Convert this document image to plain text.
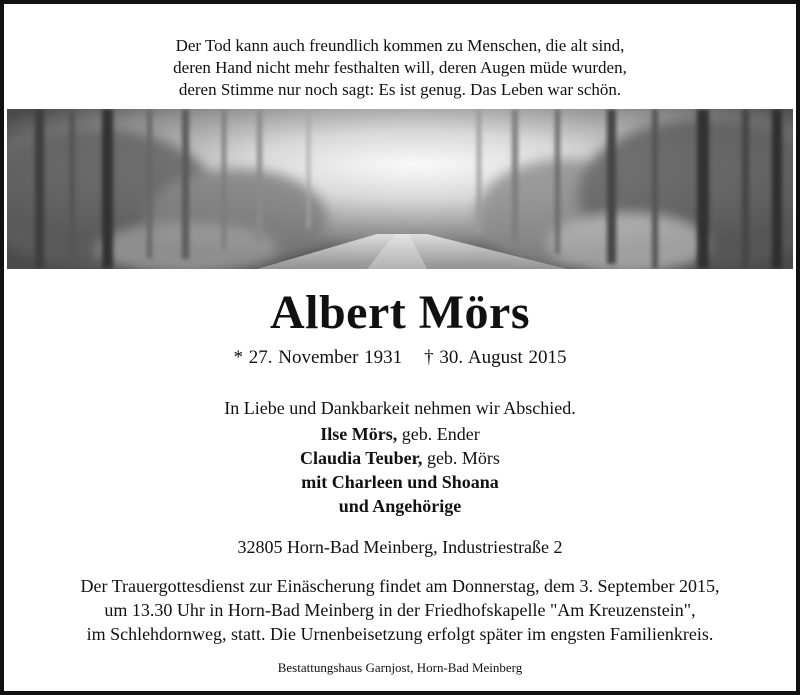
Der Tod kann auch freundlich kommen zu Menschen, die alt sind,
deren Hand nicht mehr festhalten will, deren Augen müde wurden,
deren Stimme nur noch sagt: Es ist genug. Das Leben war schön.
Albert Mörs
* 27. November 1931 † 30. August 2015
In Liebe und Dankbarkeit nehmen wir Abschied.
Ilse Mörs, geb. Ender
Claudia Teuber, geb. Mörs
mit Charleen und Shoana
und Angehörige
32805 Horn-Bad Meinberg, Industriestraße 2
Der Trauergottesdienst zur Einäscherung findet am Donnerstag, dem 3. September 2015,
um 13.30 Uhr in Horn-Bad Meinberg in der Friedhofskapelle "Am Kreuzenstein",
im Schlehdornweg, statt. Die Urnenbeisetzung erfolgt später im engsten Familienkreis.
Bestattungshaus Garnjost, Horn-Bad Meinberg
